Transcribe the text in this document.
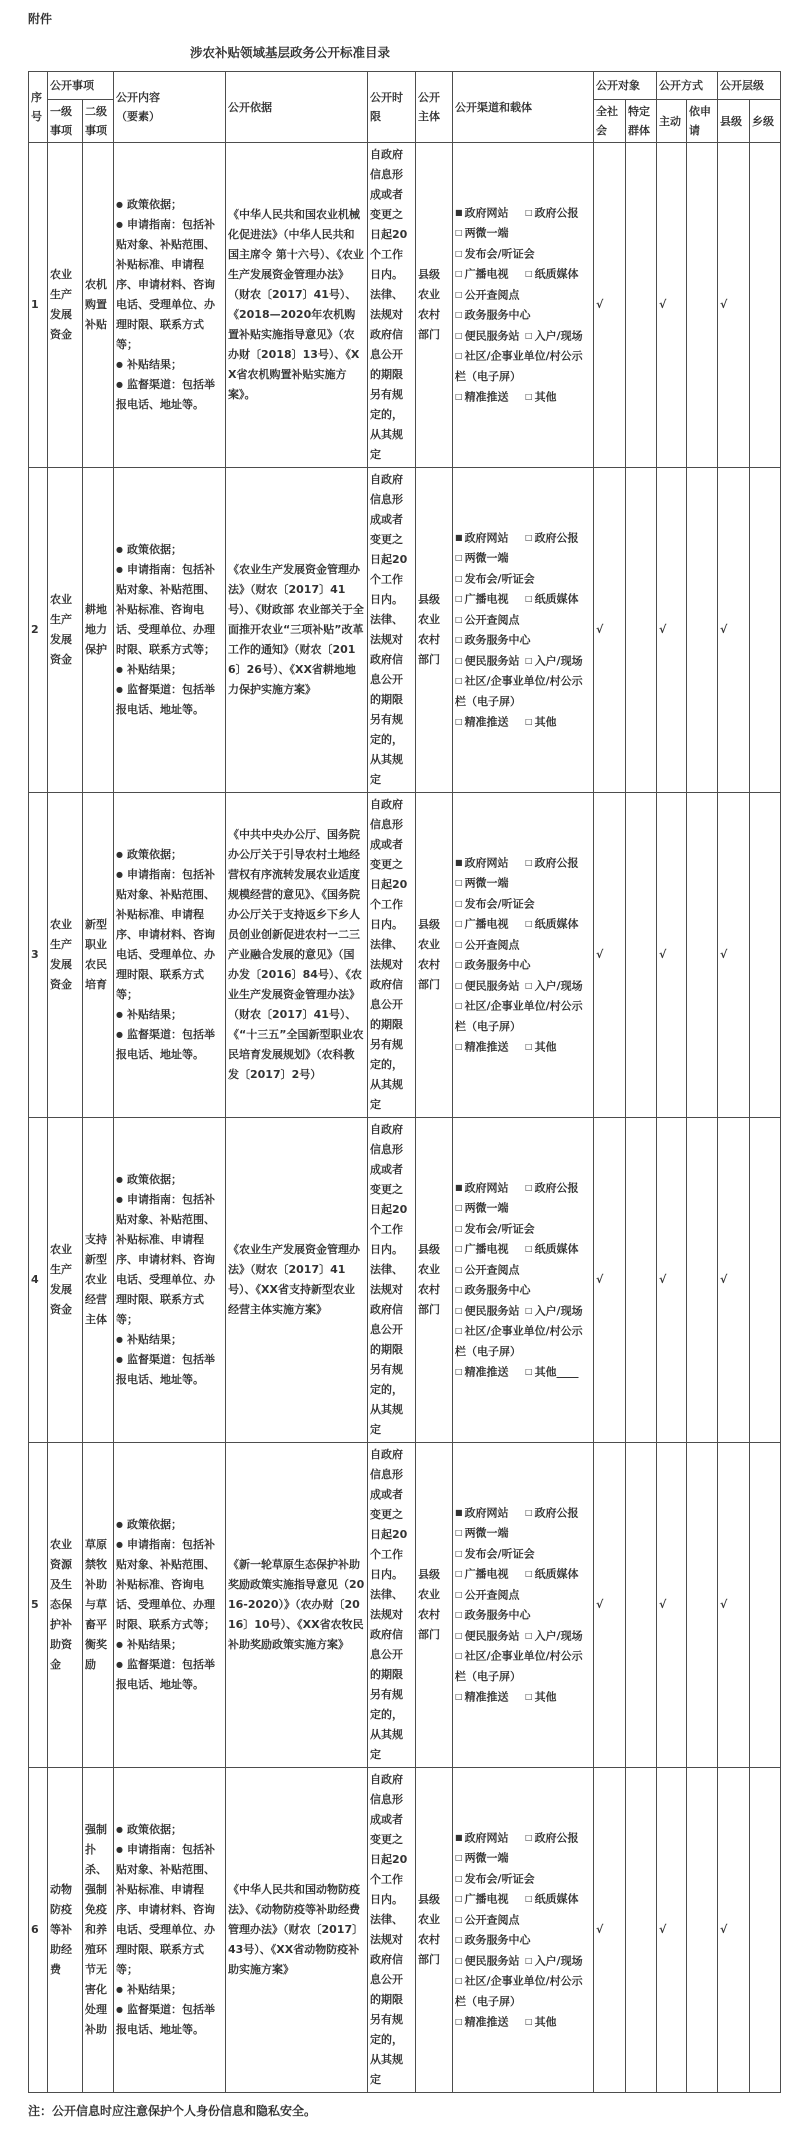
附件
涉农补贴领域基层政务公开标准目录
序号	公开事项		公开内容
（要素）	公开依据	公开时限	公开主体	公开渠道和载体	公开对象		公开方式		公开层级	
	一级事项	二级事项						全社会	特定群体	主动	依申请	县级	乡级
1	农业生产发展资金	农机购置补贴	
● 政策依据；
● 申请指南：包括补贴对象、补贴范围、补贴标准、申请程序、申请材料、咨询电话、受理单位、办理时限、联系方式等；
● 补贴结果；
● 监督渠道：包括举报电话、地址等。
	《中华人民共和国农业机械化促进法》（中华人民共和国主席令 第十六号）、《农业生产发展资金管理办法》（财农〔2017〕41号）、《2018—2020年农机购置补贴实施指导意见》（农办财〔2018〕13号）、《XX省农机购置补贴实施方案》。	自政府信息形成或者变更之日起20个工作日内。法律、法规对政府信息公开的期限另有规定的，从其规定	县级农业农村部门	
■ 政府网站	□ 政府公报
□ 两微一端
□ 发布会/听证会
□ 广播电视	□ 纸质媒体
□ 公开查阅点
□ 政务服务中心
□ 便民服务站 □ 入户/现场
□ 社区/企事业单位/村公示栏（电子屏）
□ 精准推送	□ 其他
	√		√		√	
2	农业生产发展资金	耕地地力保护	
● 政策依据；
● 申请指南：包括补贴对象、补贴范围、补贴标准、咨询电话、受理单位、办理时限、联系方式等；
● 补贴结果；
● 监督渠道：包括举报电话、地址等。
	《农业生产发展资金管理办法》（财农〔2017〕41号）、《财政部 农业部关于全面推开农业“三项补贴”改革工作的通知》（财农〔2016〕26号）、《XX省耕地地力保护实施方案》	自政府信息形成或者变更之日起20个工作日内。法律、法规对政府信息公开的期限另有规定的，从其规定	县级农业农村部门	
■ 政府网站	□ 政府公报
□ 两微一端
□ 发布会/听证会
□ 广播电视	□ 纸质媒体
□ 公开查阅点
□ 政务服务中心
□ 便民服务站 □ 入户/现场
□ 社区/企事业单位/村公示栏（电子屏）
□ 精准推送	□ 其他
	√		√		√	
3	农业生产发展资金	新型职业农民培育	
● 政策依据；
● 申请指南：包括补贴对象、补贴范围、补贴标准、申请程序、申请材料、咨询电话、受理单位、办理时限、联系方式等；
● 补贴结果；
● 监督渠道：包括举报电话、地址等。
	《中共中央办公厅、国务院办公厅关于引导农村土地经营权有序流转发展农业适度规模经营的意见》、《国务院办公厅关于支持返乡下乡人员创业创新促进农村一二三产业融合发展的意见》（国办发〔2016〕84号）、《农业生产发展资金管理办法》（财农〔2017〕41号）、《“十三五”全国新型职业农民培育发展规划》（农科教发〔2017〕2号）	自政府信息形成或者变更之日起20个工作日内。法律、法规对政府信息公开的期限另有规定的，从其规定	县级农业农村部门	
■ 政府网站	□ 政府公报
□ 两微一端
□ 发布会/听证会
□ 广播电视	□ 纸质媒体
□ 公开查阅点
□ 政务服务中心
□ 便民服务站 □ 入户/现场
□ 社区/企事业单位/村公示栏（电子屏）
□ 精准推送	□ 其他
	√		√		√	
4	农业生产发展资金	支持新型农业经营主体	
● 政策依据；
● 申请指南：包括补贴对象、补贴范围、补贴标准、申请程序、申请材料、咨询电话、受理单位、办理时限、联系方式等；
● 补贴结果；
● 监督渠道：包括举报电话、地址等。
	《农业生产发展资金管理办法》（财农〔2017〕41号）、《XX省支持新型农业经营主体实施方案》	自政府信息形成或者变更之日起20个工作日内。法律、法规对政府信息公开的期限另有规定的，从其规定	县级农业农村部门	
■ 政府网站	□ 政府公报
□ 两微一端
□ 发布会/听证会
□ 广播电视	□ 纸质媒体
□ 公开查阅点
□ 政务服务中心
□ 便民服务站 □ 入户/现场
□ 社区/企事业单位/村公示栏（电子屏）
□ 精准推送	□ 其他____
	√		√		√	
5	农业资源及生态保护补助资金	草原禁牧补助与草畜平衡奖励	
● 政策依据；
● 申请指南：包括补贴对象、补贴范围、补贴标准、咨询电话、受理单位、办理时限、联系方式等；
● 补贴结果；
● 监督渠道：包括举报电话、地址等。
	《新一轮草原生态保护补助奖励政策实施指导意见（2016-2020）》（农办财〔2016〕10号）、《XX省农牧民补助奖励政策实施方案》	自政府信息形成或者变更之日起20个工作日内。法律、法规对政府信息公开的期限另有规定的，从其规定	县级农业农村部门	
■ 政府网站	□ 政府公报
□ 两微一端
□ 发布会/听证会
□ 广播电视	□ 纸质媒体
□ 公开查阅点
□ 政务服务中心
□ 便民服务站 □ 入户/现场
□ 社区/企事业单位/村公示栏（电子屏）
□ 精准推送	□ 其他
	√		√		√	
6	动物防疫等补助经费	强制扑杀、强制免疫和养殖环节无害化处理补助	
● 政策依据；
● 申请指南：包括补贴对象、补贴范围、补贴标准、申请程序、申请材料、咨询电话、受理单位、办理时限、联系方式等；
● 补贴结果；
● 监督渠道：包括举报电话、地址等。
	《中华人民共和国动物防疫法》、《动物防疫等补助经费管理办法》（财农〔2017〕43号）、《XX省动物防疫补助实施方案》	自政府信息形成或者变更之日起20个工作日内。法律、法规对政府信息公开的期限另有规定的，从其规定	县级农业农村部门	
■ 政府网站	□ 政府公报
□ 两微一端
□ 发布会/听证会
□ 广播电视	□ 纸质媒体
□ 公开查阅点
□ 政务服务中心
□ 便民服务站 □ 入户/现场
□ 社区/企事业单位/村公示栏（电子屏）
□ 精准推送	□ 其他
	√		√		√	
注：公开信息时应注意保护个人身份信息和隐私安全。
